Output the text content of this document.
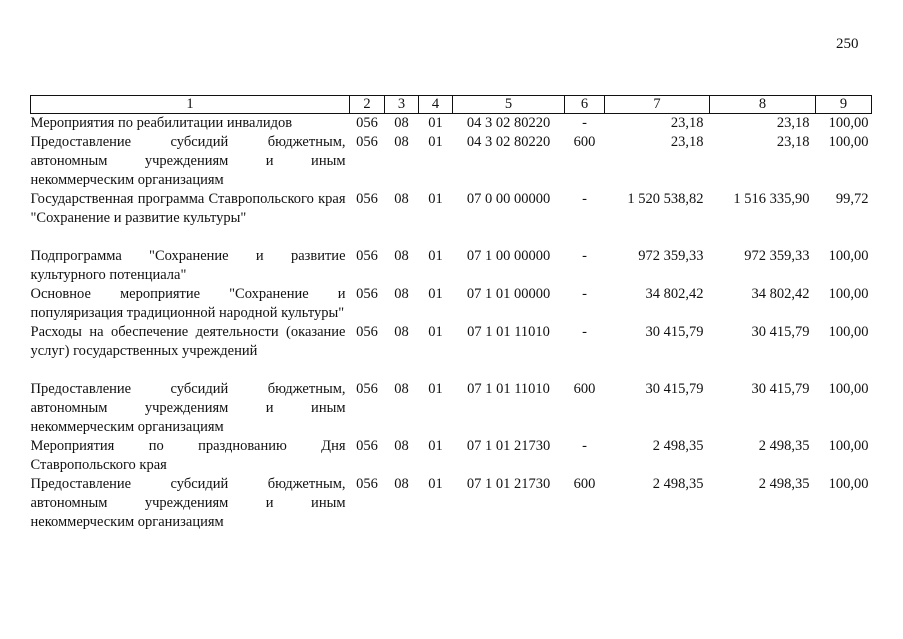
250
1	2	3	4	5	6	7	8	9
Мероприятия по реабилитации инвалидов	056	08	01	04 3 02 80220	-	23,18	23,18	100,00
Предоставление субсидий бюджетным, автономным учреждениям и иным некоммерческим организациям	056	08	01	04 3 02 80220	600	23,18	23,18	100,00
Государственная программа Ставропольского края "Сохранение и развитие культуры"	056	08	01	07 0 00 00000	-	1 520 538,82	1 516 335,90	99,72
Подпрограмма "Сохранение и развитие культурного потенциала"	056	08	01	07 1 00 00000	-	972 359,33	972 359,33	100,00
Основное мероприятие "Сохранение и популяризация традиционной народной культуры"	056	08	01	07 1 01 00000	-	34 802,42	34 802,42	100,00
Расходы на обеспечение деятельности (оказание услуг) государственных учреждений	056	08	01	07 1 01 11010	-	30 415,79	30 415,79	100,00
Предоставление субсидий бюджетным, автономным учреждениям и иным некоммерческим организациям	056	08	01	07 1 01 11010	600	30 415,79	30 415,79	100,00
Мероприятия по празднованию Дня Ставропольского края	056	08	01	07 1 01 21730	-	2 498,35	2 498,35	100,00
Предоставление субсидий бюджетным, автономным учреждениям и иным некоммерческим организациям	056	08	01	07 1 01 21730	600	2 498,35	2 498,35	100,00
